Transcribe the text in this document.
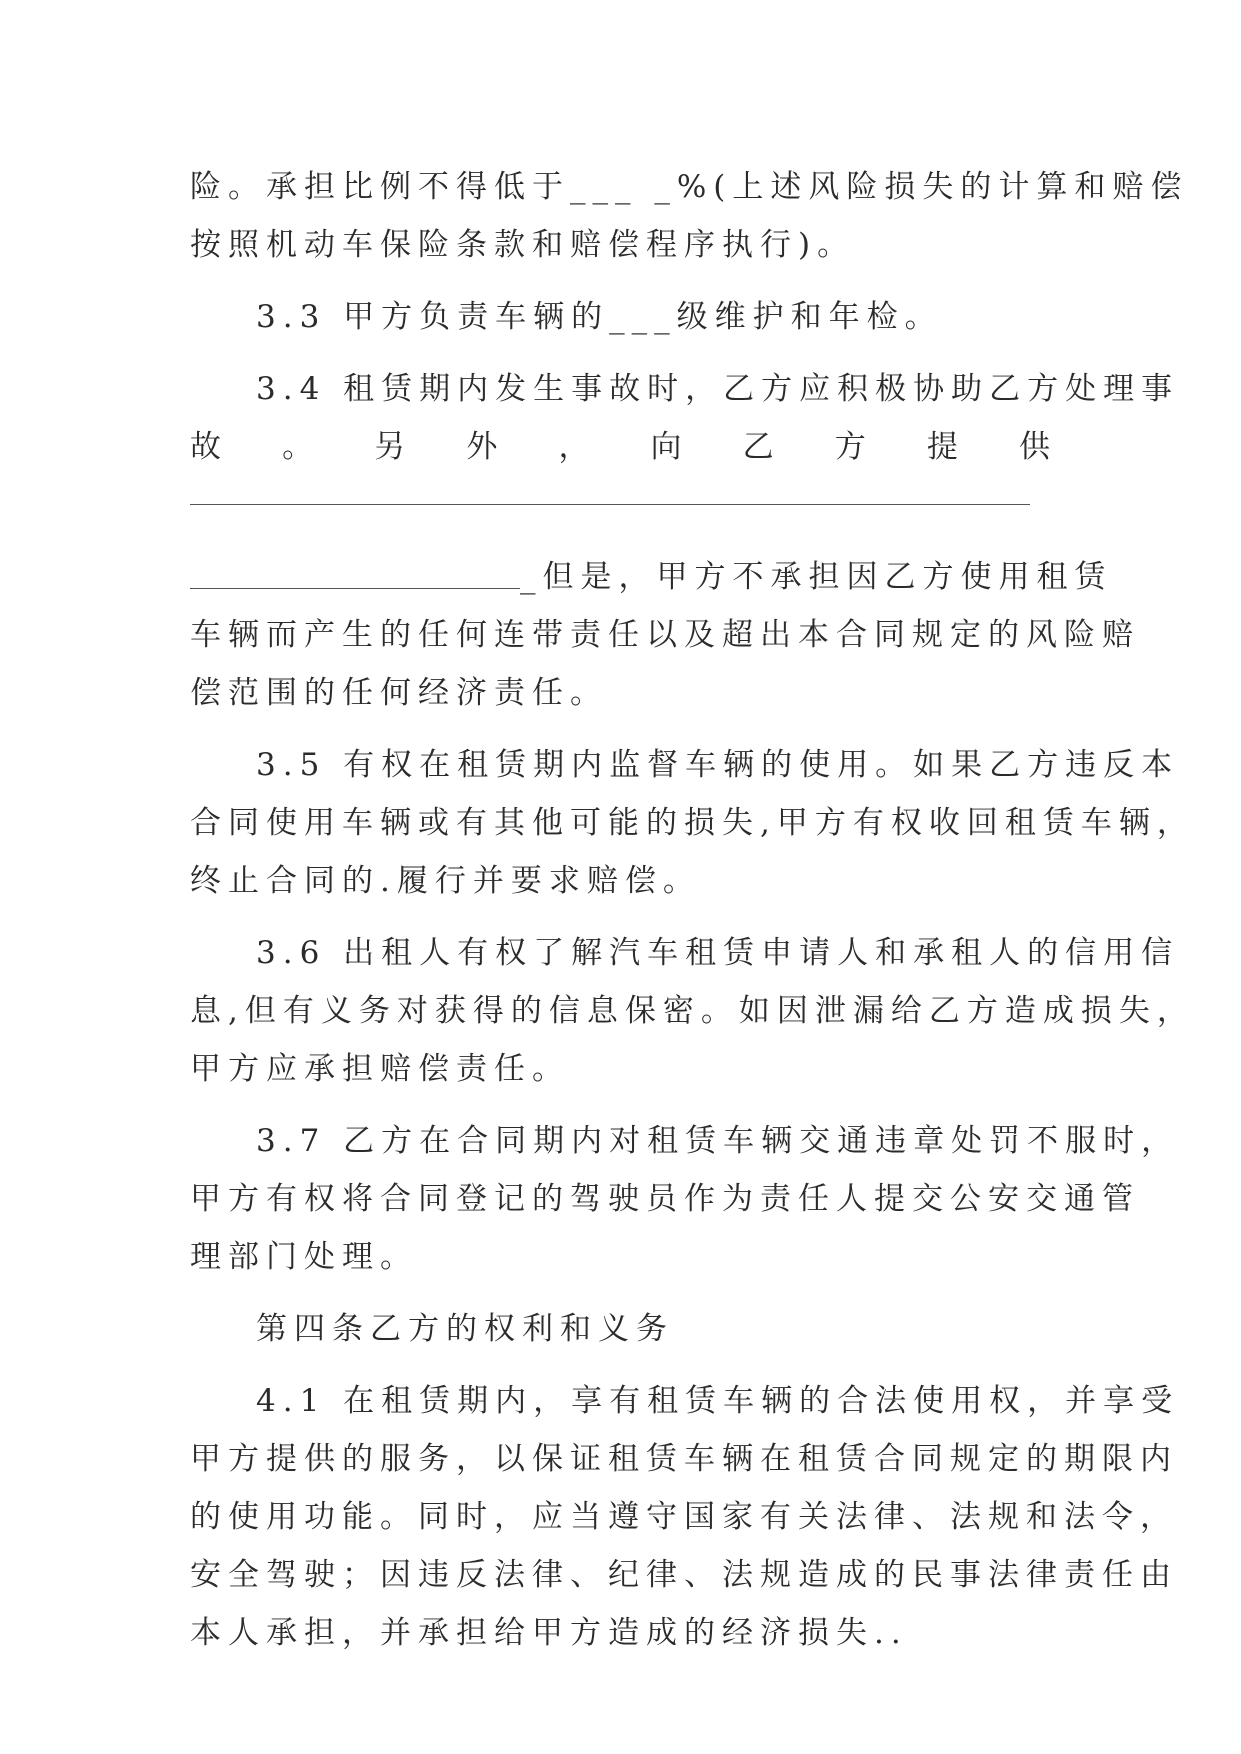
险。承担比例不得低于___ _%(上述风险损失的计算和赔偿
按照机动车保险条款和赔偿程序执行)。
3.3 甲方负责车辆的___级维护和年检。
3.4 租赁期内发生事故时，乙方应积极协助乙方处理事
故 。 另 外 ， 向 乙 方 提 供
_但是，甲方不承担因乙方使用租赁
车辆而产生的任何连带责任以及超出本合同规定的风险赔
偿范围的任何经济责任。
3.5 有权在租赁期内监督车辆的使用。如果乙方违反本
合同使用车辆或有其他可能的损失,甲方有权收回租赁车辆，
终止合同的.履行并要求赔偿。
3.6 出租人有权了解汽车租赁申请人和承租人的信用信
息,但有义务对获得的信息保密。如因泄漏给乙方造成损失，
甲方应承担赔偿责任。
3.7 乙方在合同期内对租赁车辆交通违章处罚不服时，
甲方有权将合同登记的驾驶员作为责任人提交公安交通管
理部门处理。
第四条乙方的权利和义务
4.1 在租赁期内，享有租赁车辆的合法使用权，并享受
甲方提供的服务，以保证租赁车辆在租赁合同规定的期限内
的使用功能。同时，应当遵守国家有关法律、法规和法令，
安全驾驶；因违反法律、纪律、法规造成的民事法律责任由
本人承担，并承担给甲方造成的经济损失..
